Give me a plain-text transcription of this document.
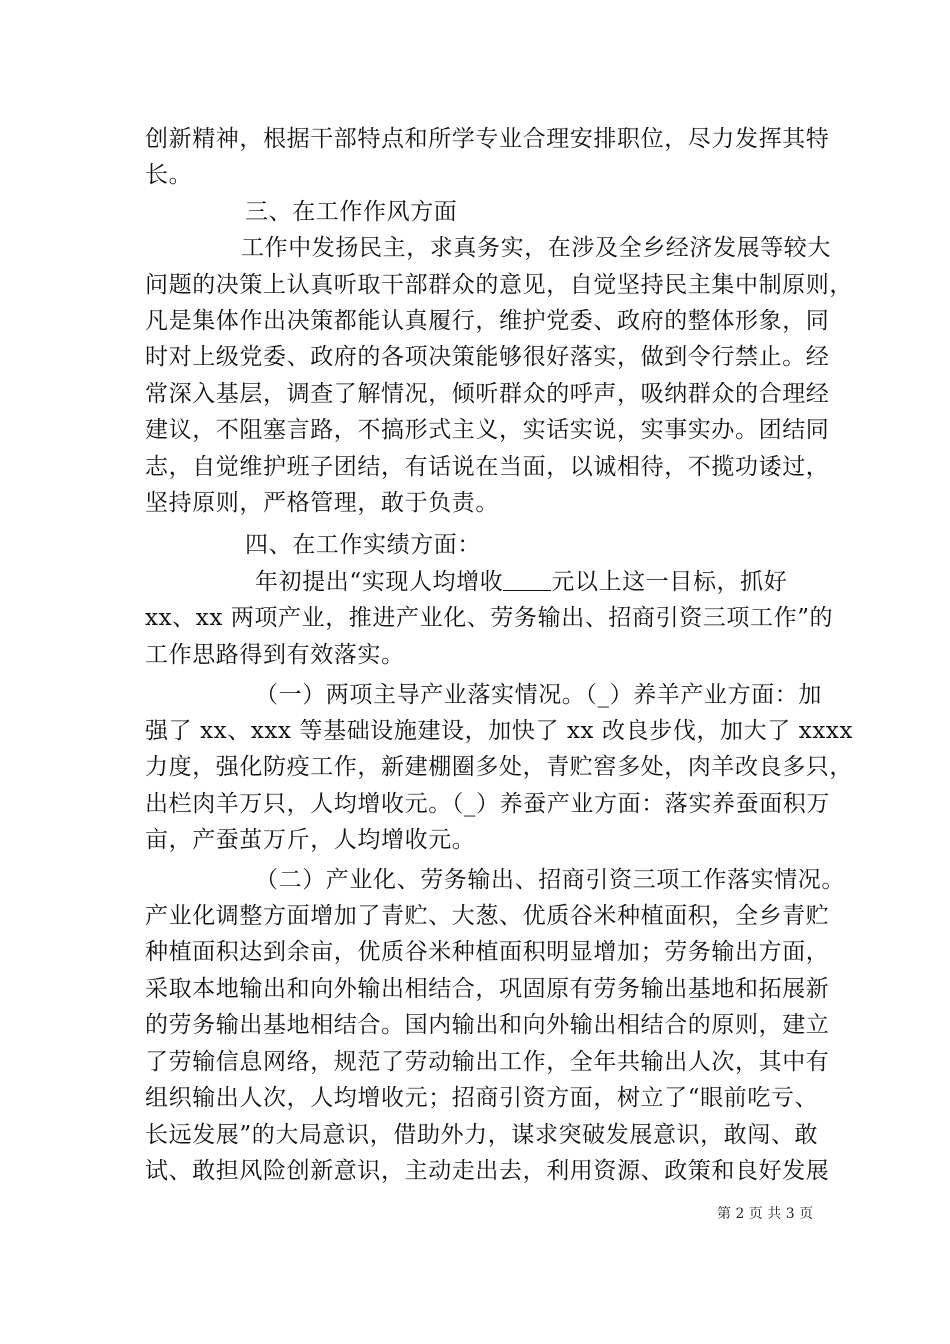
创新精神，根据干部特点和所学专业合理安排职位，尽力发挥其特
长。
三、在工作作风方面
工作中发扬民主，求真务实，在涉及全乡经济发展等较大
问题的决策上认真听取干部群众的意见，自觉坚持民主集中制原则，
凡是集体作出决策都能认真履行，维护党委、政府的整体形象，同
时对上级党委、政府的各项决策能够很好落实，做到令行禁止。经
常深入基层，调查了解情况，倾听群众的呼声，吸纳群众的合理经
建议，不阻塞言路，不搞形式主义，实话实说，实事实办。团结同
志，自觉维护班子团结，有话说在当面，以诚相待，不揽功诿过，
坚持原则，严格管理，敢于负责。
四、在工作实绩方面：
年初提出“实现人均增收 元以上这一目标，抓好
xx、xx 两项产业，推进产业化、劳务输出、招商引资三项工作”的
工作思路得到有效落实。
（一）两项主导产业落实情况。（_）养羊产业方面：加
强了 xx、xxx 等基础设施建设，加快了 xx 改良步伐，加大了 xxxx
力度，强化防疫工作，新建棚圈多处，青贮窖多处，肉羊改良多只，
出栏肉羊万只，人均增收元。（_）养蚕产业方面：落实养蚕面积万
亩，产蚕茧万斤，人均增收元。
（二）产业化、劳务输出、招商引资三项工作落实情况。
产业化调整方面增加了青贮、大葱、优质谷米种植面积，全乡青贮
种植面积达到余亩，优质谷米种植面积明显增加；劳务输出方面，
采取本地输出和向外输出相结合，巩固原有劳务输出基地和拓展新
的劳务输出基地相结合。国内输出和向外输出相结合的原则，建立
了劳输信息网络，规范了劳动输出工作，全年共输出人次，其中有
组织输出人次，人均增收元；招商引资方面，树立了“眼前吃亏、
长远发展”的大局意识，借助外力，谋求突破发展意识，敢闯、敢
试、敢担风险创新意识，主动走出去，利用资源、政策和良好发展
第 2 页 共 3 页
